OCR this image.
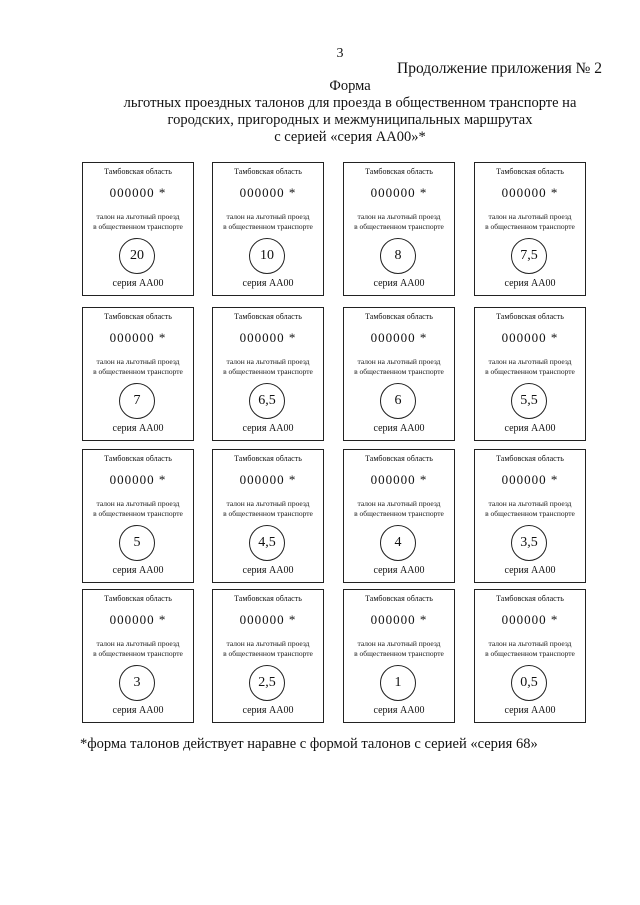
3
Продолжение приложения № 2
Форма
льготных проездных талонов для проезда в общественном транспорте на
городских, пригородных и межмуниципальных маршрутах
с серией «серия АА00»*
Тамбовская область
000000 *
талон на льготный проезд
в общественном транспорте
20
серия АА00
Тамбовская область
000000 *
талон на льготный проезд
в общественном транспорте
10
серия АА00
Тамбовская область
000000 *
талон на льготный проезд
в общественном транспорте
8
серия АА00
Тамбовская область
000000 *
талон на льготный проезд
в общественном транспорте
7,5
серия АА00
Тамбовская область
000000 *
талон на льготный проезд
в общественном транспорте
7
серия АА00
Тамбовская область
000000 *
талон на льготный проезд
в общественном транспорте
6,5
серия АА00
Тамбовская область
000000 *
талон на льготный проезд
в общественном транспорте
6
серия АА00
Тамбовская область
000000 *
талон на льготный проезд
в общественном транспорте
5,5
серия АА00
Тамбовская область
000000 *
талон на льготный проезд
в общественном транспорте
5
серия АА00
Тамбовская область
000000 *
талон на льготный проезд
в общественном транспорте
4,5
серия АА00
Тамбовская область
000000 *
талон на льготный проезд
в общественном транспорте
4
серия АА00
Тамбовская область
000000 *
талон на льготный проезд
в общественном транспорте
3,5
серия АА00
Тамбовская область
000000 *
талон на льготный проезд
в общественном транспорте
3
серия АА00
Тамбовская область
000000 *
талон на льготный проезд
в общественном транспорте
2,5
серия АА00
Тамбовская область
000000 *
талон на льготный проезд
в общественном транспорте
1
серия АА00
Тамбовская область
000000 *
талон на льготный проезд
в общественном транспорте
0,5
серия АА00
*форма талонов действует наравне с формой талонов с серией «серия 68»
